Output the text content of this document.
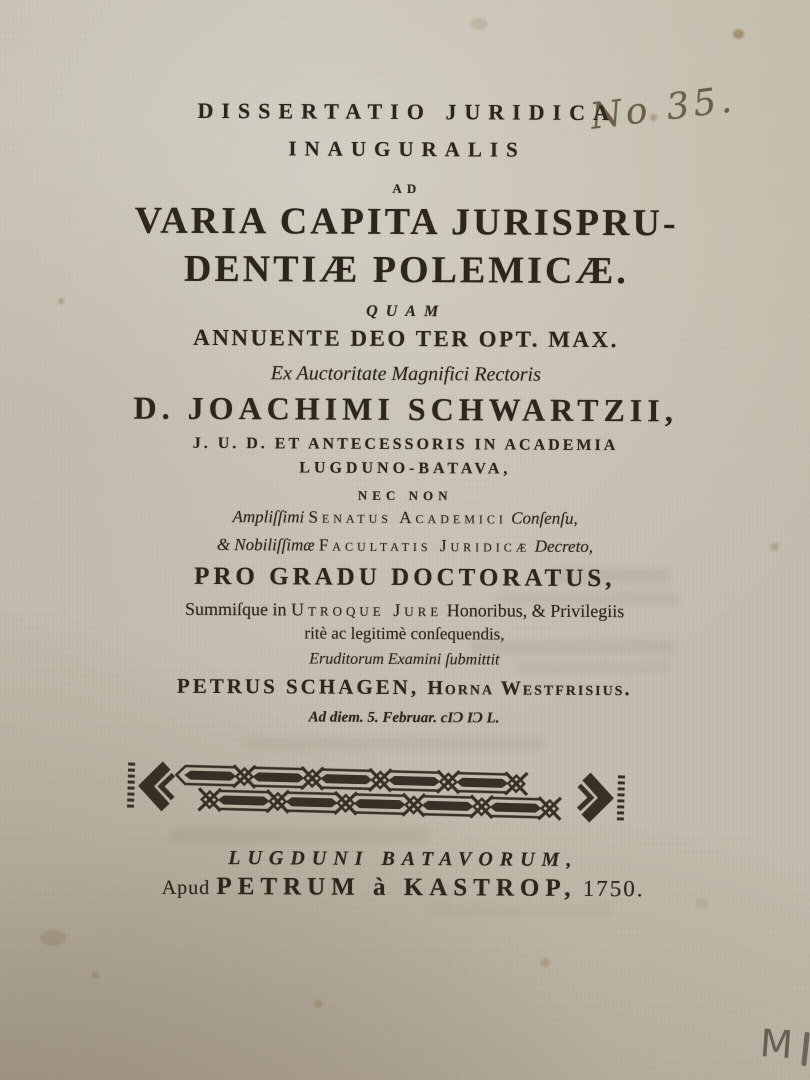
No 35.
DISSERTATIO JURIDICA
INAUGURALIS
AD
VARIA CAPITA JURISPRU-
DENTIÆ POLEMICÆ.
QUAM
ANNUENTE DEO TER OPT. MAX.
Ex Auctoritate Magnifici Rectoris
D. JOACHIMI SCHWARTZII,
J. U. D. ET ANTECESSORIS IN ACADEMIA
LUGDUNO-BATAVA,
NEC NON
Ampliſſimi Senatus Academici Conſenſu,
& Nobiliſſimæ Facultatis Juridicæ Decreto,
PRO GRADU DOCTORATUS,
Summiſque in Utroque Jure Honoribus, & Privilegiis
ritè ac legitimè conſequendis,
Eruditorum Examini ſubmittit
PETRUS SCHAGEN, Horna Westfrisius.
Ad diem. 5. Februar. cIƆ IƆ L.
LUGDUNI BATAVORUM,
Apud PETRUM à KASTROP, 1750.
M
